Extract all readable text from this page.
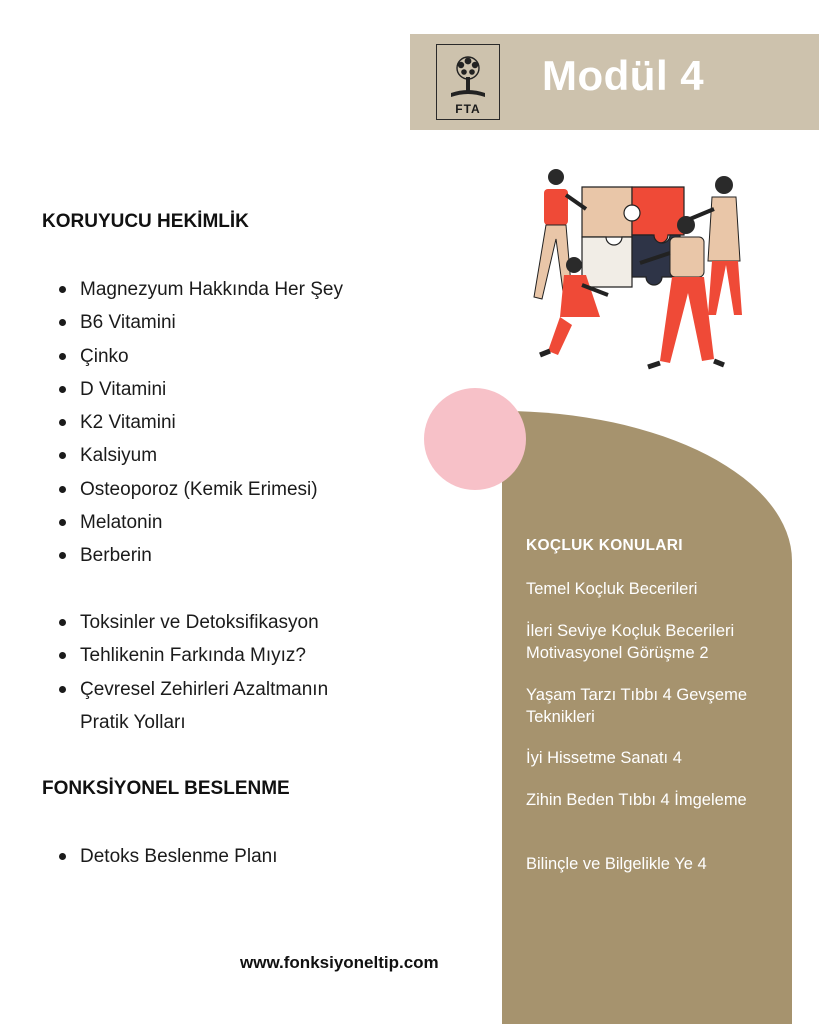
FTA
Modül 4
KORUYUCU HEKİMLİK
Magnezyum Hakkında Her Şey
B6 Vitamini
Çinko
D Vitamini
K2 Vitamini
Kalsiyum
Osteoporoz (Kemik Erimesi)
Melatonin
Berberin
Toksinler ve Detoksifikasyon
Tehlikenin Farkında Mıyız?
Çevresel Zehirleri Azaltmanın Pratik Yolları
FONKSİYONEL BESLENME
Detoks Beslenme Planı
KOÇLUK KONULARI
Temel Koçluk Becerileri
İleri Seviye Koçluk Becerileri Motivasyonel Görüşme 2
Yaşam Tarzı Tıbbı 4 Gevşeme Teknikleri
İyi Hissetme Sanatı 4
Zihin Beden Tıbbı 4 İmgeleme
Bilinçle ve Bilgelikle Ye 4
www.fonksiyoneltip.com
